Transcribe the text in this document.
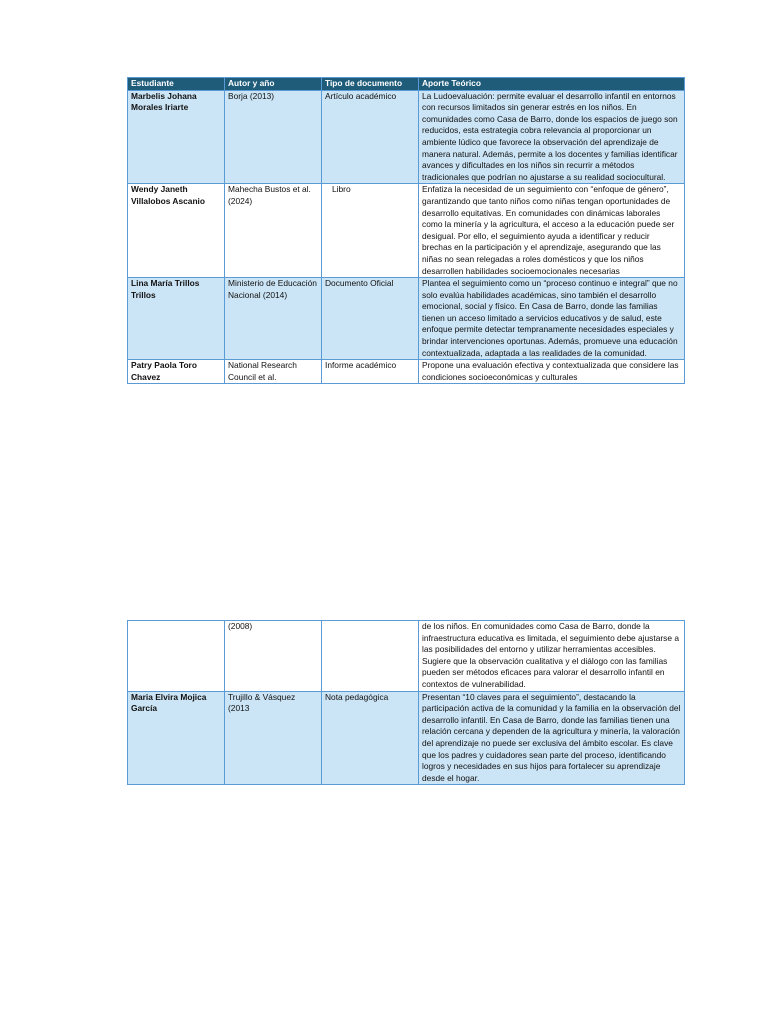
Estudiante	Autor y año	Tipo de documento	Aporte Teórico
Marbelis Johana Morales Iriarte	Borja (2013)	Artículo académico	La Ludoevaluación: permite evaluar el desarrollo infantil en entornos con recursos limitados sin generar estrés en los niños. En comunidades como Casa de Barro, donde los espacios de juego son reducidos, esta estrategia cobra relevancia al proporcionar un ambiente lúdico que favorece la observación del aprendizaje de manera natural. Además, permite a los docentes y familias identificar avances y dificultades en los niños sin recurrir a métodos tradicionales que podrían no ajustarse a su realidad sociocultural.
Wendy Janeth Villalobos Ascanio	Mahecha Bustos et al. (2024)	Libro	Enfatiza la necesidad de un seguimiento con “enfoque de género”, garantizando que tanto niños como niñas tengan oportunidades de desarrollo equitativas. En comunidades con dinámicas laborales como la minería y la agricultura, el acceso a la educación puede ser desigual. Por ello, el seguimiento ayuda a identificar y reducir brechas en la participación y el aprendizaje, asegurando que las niñas no sean relegadas a roles domésticos y que los niños desarrollen habilidades socioemocionales necesarias
Lina María Trillos Trillos	Ministerio de Educación Nacional (2014)	Documento Oficial	Plantea el seguimiento como un “proceso continuo e integral” que no solo evalúa habilidades académicas, sino también el desarrollo emocional, social y físico. En Casa de Barro, donde las familias tienen un acceso limitado a servicios educativos y de salud, este enfoque permite detectar tempranamente necesidades especiales y brindar intervenciones oportunas. Además, promueve una educación contextualizada, adaptada a las realidades de la comunidad.
Patry Paola Toro Chavez	National Research Council et al.	Informe académico	Propone una evaluación efectiva y contextualizada que considere las condiciones socioeconómicas y culturales
	(2008)		de los niños. En comunidades como Casa de Barro, donde la infraestructura educativa es limitada, el seguimiento debe ajustarse a las posibilidades del entorno y utilizar herramientas accesibles. Sugiere que la observación cualitativa y el diálogo con las familias pueden ser métodos eficaces para valorar el desarrollo infantil en contextos de vulnerabilidad.
Maria Elvira Mojica García	Trujillo & Vásquez (2013	Nota pedagógica	Presentan “10 claves para el seguimiento”, destacando la participación activa de la comunidad y la familia en la observación del desarrollo infantil. En Casa de Barro, donde las familias tienen una relación cercana y dependen de la agricultura y minería, la valoración del aprendizaje no puede ser exclusiva del ámbito escolar. Es clave que los padres y cuidadores sean parte del proceso, identificando logros y necesidades en sus hijos para fortalecer su aprendizaje desde el hogar.
